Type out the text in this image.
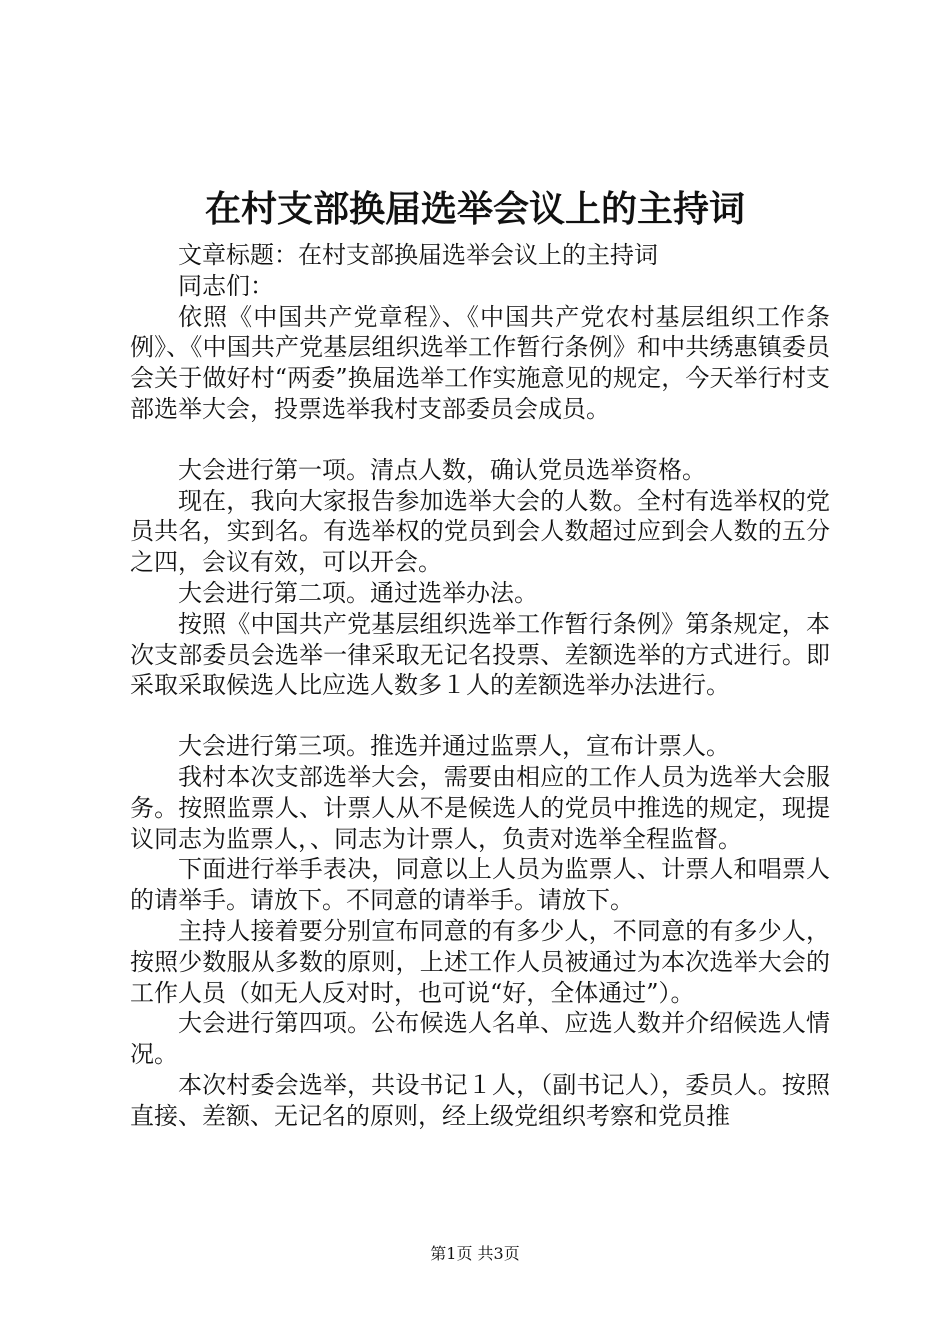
在村支部换届选举会议上的主持词

文章标题：在村支部换届选举会议上的主持词

同志们：

依照《中国共产党章程》、《中国共产党农村基层组织工作条例》、《中国共产党基层组织选举工作暂行条例》和中共绣惠镇委员会关于做好村“两委”换届选举工作实施意见的规定，今天举行村支部选举大会，投票选举我村支部委员会成员。

大会进行第一项。清点人数，确认党员选举资格。

现在，我向大家报告参加选举大会的人数。全村有选举权的党员共名，实到名。有选举权的党员到会人数超过应到会人数的五分之四，会议有效，可以开会。

大会进行第二项。通过选举办法。

按照《中国共产党基层组织选举工作暂行条例》第条规定，本次支部委员会选举一律采取无记名投票、差额选举的方式进行。即采取采取候选人比应选人数多１人的差额选举办法进行。

大会进行第三项。推选并通过监票人，宣布计票人。

我村本次支部选举大会，需要由相应的工作人员为选举大会服务。按照监票人、计票人从不是候选人的党员中推选的规定，现提议同志为监票人，、同志为计票人，负责对选举全程监督。

下面进行举手表决，同意以上人员为监票人、计票人和唱票人的请举手。请放下。不同意的请举手。请放下。

主持人接着要分别宣布同意的有多少人，不同意的有多少人，按照少数服从多数的原则，上述工作人员被通过为本次选举大会的工作人员（如无人反对时，也可说“好，全体通过”）。

大会进行第四项。公布候选人名单、应选人数并介绍候选人情况。

本次村委会选举，共设书记１人，（副书记人），委员人。按照直接、差额、无记名的原则，经上级党组织考察和党员推

第1页 共3页
